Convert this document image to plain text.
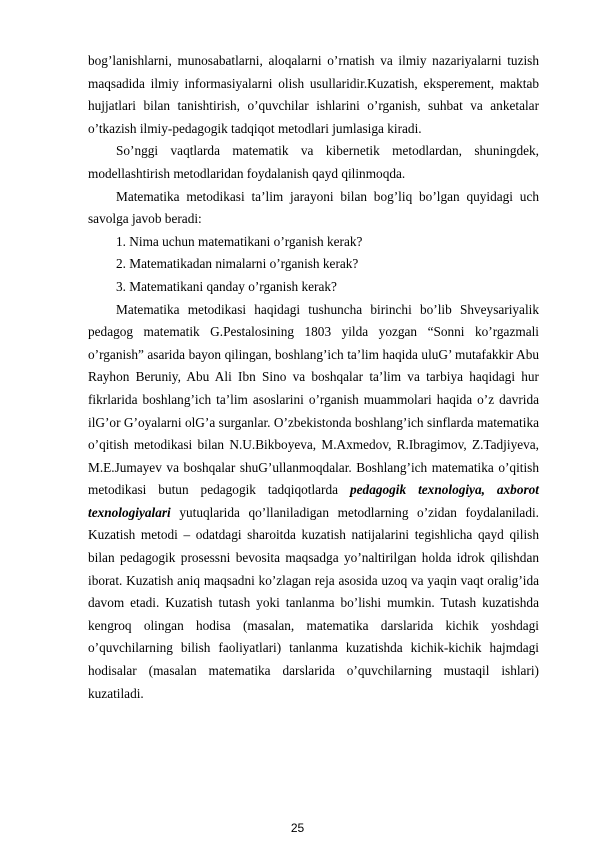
bog’lanishlarni, munosabatlarni, aloqalarni o’rnatish va ilmiy nazariyalarni tuzish maqsadida ilmiy informasiyalarni olish usullaridir.Kuzatish, eksperement, maktab hujjatlari bilan tanishtirish, o’quvchilar ishlarini o’rganish, suhbat va anketalar o’tkazish ilmiy-pedagogik tadqiqot metodlari jumlasiga kiradi.

So’nggi vaqtlarda matematik va kibernetik metodlardan, shuningdek, modellashtirish metodlaridan foydalanish qayd qilinmoqda.

Matematika metodikasi ta’lim jarayoni bilan bog’liq bo’lgan quyidagi uch savolga javob beradi:

1. Nima uchun matematikani o’rganish kerak?

2. Matematikadan nimalarni o’rganish kerak?

3. Matematikani qanday o’rganish kerak?

Matematika metodikasi haqidagi tushuncha birinchi bo’lib Shveysariyalik pedagog matematik G.Pestalosining 1803 yilda yozgan “Sonni ko’rgazmali o’rganish” asarida bayon qilingan, boshlang’ich ta’lim haqida uluG’ mutafakkir Abu Rayhon Beruniy, Abu Ali Ibn Sino va boshqalar ta’lim va tarbiya haqidagi hur fikrlarida boshlang’ich ta’lim asoslarini o’rganish muammolari haqida o’z davrida ilG’or G’oyalarni olG’a surganlar. O’zbekistonda boshlang’ich sinflarda matematika o’qitish metodikasi bilan N.U.Bikboyeva, M.Axmedov, R.Ibragimov, Z.Tadjiyeva, M.E.Jumayev va boshqalar shuG’ullanmoqdalar. Boshlang’ich matematika o’qitish metodikasi butun pedagogik tadqiqotlarda pedagogik texnologiya, axborot texnologiyalari yutuqlarida qo’llaniladigan metodlarning o’zidan foydalaniladi. Kuzatish metodi – odatdagi sharoitda kuzatish natijalarini tegishlicha qayd qilish bilan pedagogik prosessni bevosita maqsadga yo’naltirilgan holda idrok qilishdan iborat. Kuzatish aniq maqsadni ko’zlagan reja asosida uzoq va yaqin vaqt oralig’ida davom etadi. Kuzatish tutash yoki tanlanma bo’lishi mumkin. Tutash kuzatishda kengroq olingan hodisa (masalan, matematika darslarida kichik yoshdagi o’quvchilarning bilish faoliyatlari) tanlanma kuzatishda kichik-kichik hajmdagi hodisalar (masalan matematika darslarida o’quvchilarning mustaqil ishlari) kuzatiladi.

25
